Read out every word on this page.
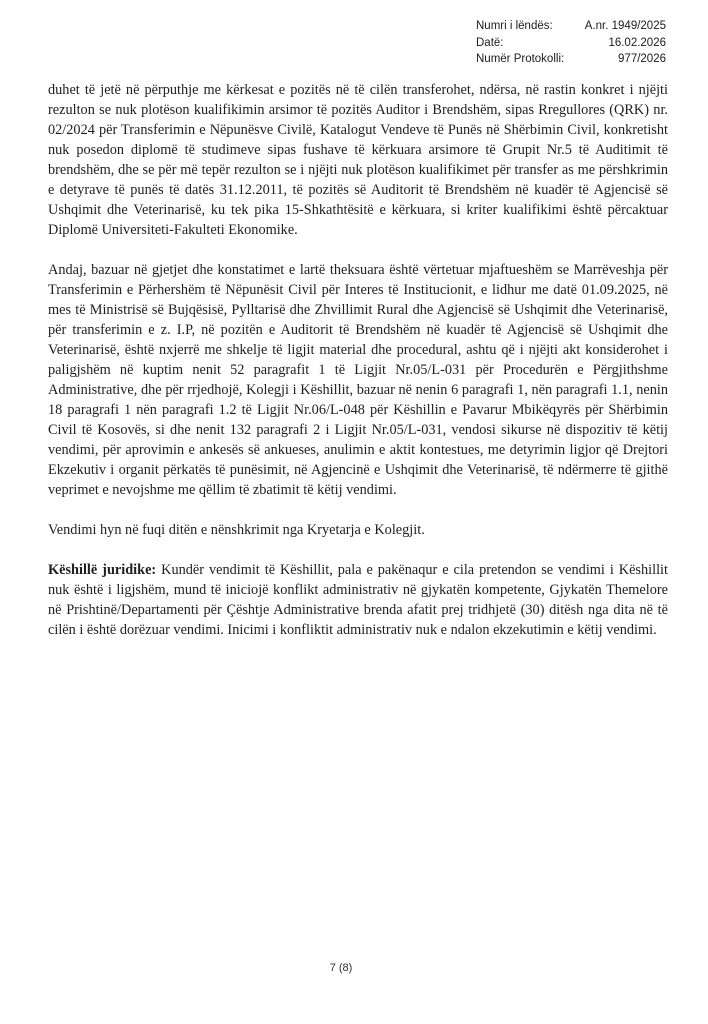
Numri i lëndës:	A.nr. 1949/2025
Datë:	16.02.2026
Numër Protokolli:	977/2026

duhet të jetë në përputhje me kërkesat e pozitës në të cilën transferohet, ndërsa, në rastin konkret i njëjti rezulton se nuk plotëson kualifikimin arsimor të pozitës Auditor i Brendshëm, sipas Rregullores (QRK) nr. 02/2024 për Transferimin e Nëpunësve Civilë, Katalogut Vendeve të Punës në Shërbimin Civil, konkretisht nuk posedon diplomë të studimeve sipas fushave të kërkuara arsimore të Grupit Nr.5 të Auditimit të brendshëm, dhe se për më tepër rezulton se i njëjti nuk plotëson kualifikimet për transfer as me përshkrimin e detyrave të punës të datës 31.12.2011, të pozitës së Auditorit të Brendshëm në kuadër të Agjencisë së Ushqimit dhe Veterinarisë, ku tek pika 15-Shkathtësitë e kërkuara, si kriter kualifikimi është përcaktuar Diplomë Universiteti-Fakulteti Ekonomike.

Andaj, bazuar në gjetjet dhe konstatimet e lartë theksuara është vërtetuar mjaftueshëm se Marrëveshja për Transferimin e Përhershëm të Nëpunësit Civil për Interes të Institucionit, e lidhur me datë 01.09.2025, në mes të Ministrisë së Bujqësisë, Pylltarisë dhe Zhvillimit Rural dhe Agjencisë së Ushqimit dhe Veterinarisë, për transferimin e z. I.P, në pozitën e Auditorit të Brendshëm në kuadër të Agjencisë së Ushqimit dhe Veterinarisë, është nxjerrë me shkelje të ligjit material dhe procedural, ashtu që i njëjti akt konsiderohet i paligjshëm në kuptim nenit 52 paragrafit 1 të Ligjit Nr.05/L-031 për Procedurën e Përgjithshme Administrative, dhe për rrjedhojë, Kolegji i Këshillit, bazuar në nenin 6 paragrafi 1, nën paragrafi 1.1, nenin 18 paragrafi 1 nën paragrafi 1.2 të Ligjit Nr.06/L-048 për Këshillin e Pavarur Mbikëqyrës për Shërbimin Civil të Kosovës, si dhe nenit 132 paragrafi 2 i Ligjit Nr.05/L-031, vendosi sikurse në dispozitiv të këtij vendimi, për aprovimin e ankesës së ankueses, anulimin e aktit kontestues, me detyrimin ligjor që Drejtori Ekzekutiv i organit përkatës të punësimit, në Agjencinë e Ushqimit dhe Veterinarisë, të ndërmerre të gjithë veprimet e nevojshme me qëllim të zbatimit të këtij vendimi.

Vendimi hyn në fuqi ditën e nënshkrimit nga Kryetarja e Kolegjit.

Këshillë juridike: Kundër vendimit të Këshillit, pala e pakënaqur e cila pretendon se vendimi i Këshillit nuk është i ligjshëm, mund të iniciojë konflikt administrativ në gjykatën kompetente, Gjykatën Themelore në Prishtinë/Departamenti për Çështje Administrative brenda afatit prej tridhjetë (30) ditësh nga dita në të cilën i është dorëzuar vendimi. Inicimi i konfliktit administrativ nuk e ndalon ekzekutimin e këtij vendimi.

7 (8)
